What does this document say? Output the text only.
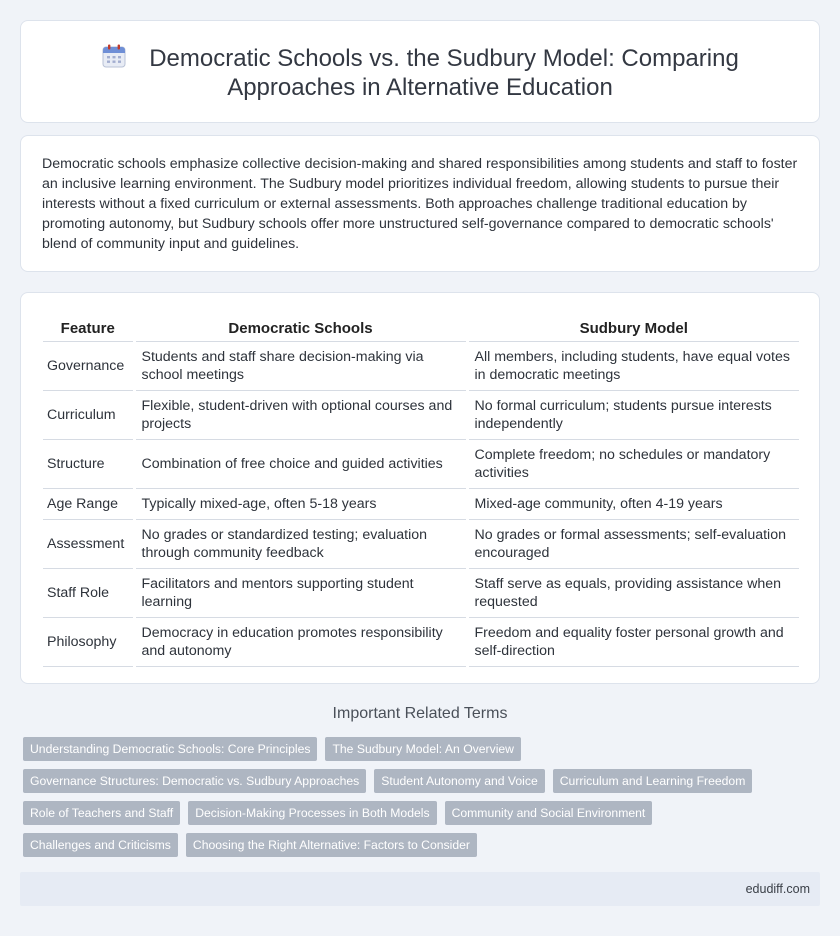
Democratic Schools vs. the Sudbury Model: Comparing Approaches in Alternative Education

Democratic schools emphasize collective decision-making and shared responsibilities among students and staff to foster an inclusive learning environment. The Sudbury model prioritizes individual freedom, allowing students to pursue their interests without a fixed curriculum or external assessments. Both approaches challenge traditional education by promoting autonomy, but Sudbury schools offer more unstructured self-governance compared to democratic schools' blend of community input and guidelines.

Feature	Democratic Schools	Sudbury Model
Governance	Students and staff share decision-making via school meetings	All members, including students, have equal votes in democratic meetings
Curriculum	Flexible, student-driven with optional courses and projects	No formal curriculum; students pursue interests independently
Structure	Combination of free choice and guided activities	Complete freedom; no schedules or mandatory activities
Age Range	Typically mixed-age, often 5-18 years	Mixed-age community, often 4-19 years
Assessment	No grades or standardized testing; evaluation through community feedback	No grades or formal assessments; self-evaluation encouraged
Staff Role	Facilitators and mentors supporting student learning	Staff serve as equals, providing assistance when requested
Philosophy	Democracy in education promotes responsibility and autonomy	Freedom and equality foster personal growth and self-direction
Important Related Terms
Understanding Democratic Schools: Core Principles	The Sudbury Model: An Overview
Governance Structures: Democratic vs. Sudbury Approaches	Student Autonomy and Voice	Curriculum and Learning Freedom
Role of Teachers and Staff	Decision-Making Processes in Both Models	Community and Social Environment
Challenges and Criticisms	Choosing the Right Alternative: Factors to Consider
edudiff.com
